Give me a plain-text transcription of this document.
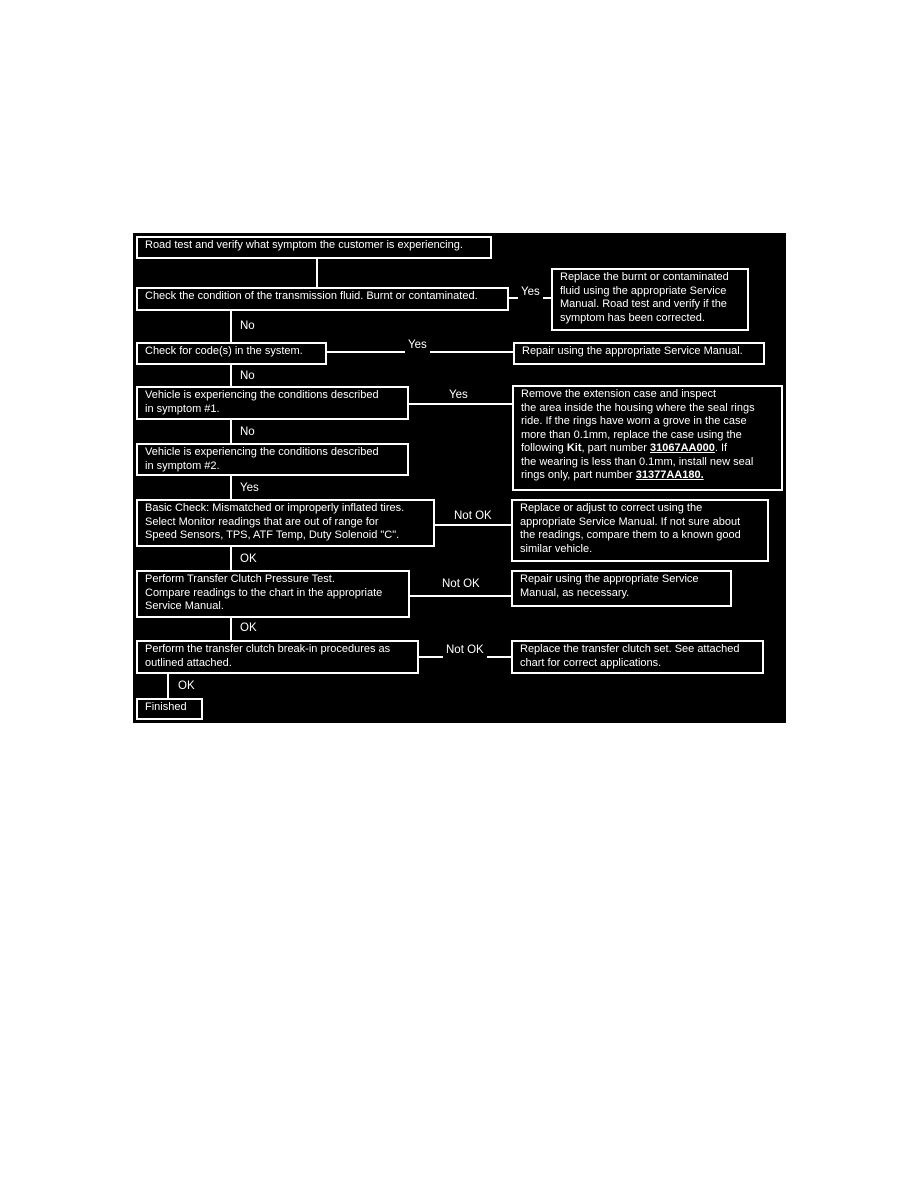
Road test and verify what symptom the customer is experiencing.
Check the condition of the transmission fluid. Burnt or contaminated.
Replace the burnt or contaminated
fluid using the appropriate Service
Manual. Road test and verify if the
symptom has been corrected.
Check for code(s) in the system.	Repair using the appropriate Service Manual.
Vehicle is experiencing the conditions described
in symptom #1.
Remove the extension case and inspect
the area inside the housing where the seal rings
ride. If the rings have worn a grove in the case
more than 0.1mm, replace the case using the
following Kit, part number 31067AA000. If
the wearing is less than 0.1mm, install new seal
rings only, part number 31377AA180.
Vehicle is experiencing the conditions described
in symptom #2.
Basic Check: Mismatched or improperly inflated tires.
Select Monitor readings that are out of range for
Speed Sensors, TPS, ATF Temp, Duty Solenoid "C".
Replace or adjust to correct using the
appropriate Service Manual. If not sure about
the readings, compare them to a known good
similar vehicle.
Perform Transfer Clutch Pressure Test.
Compare readings to the chart in the appropriate
Service Manual.
Repair using the appropriate Service
Manual, as necessary.
Perform the transfer clutch break-in procedures as
outlined attached.
Replace the transfer clutch set. See attached
chart for correct applications.
Finished
Yes
No
Yes
No
Yes
No
Yes
Not OK
OK
Not OK
OK
Not OK
OK
